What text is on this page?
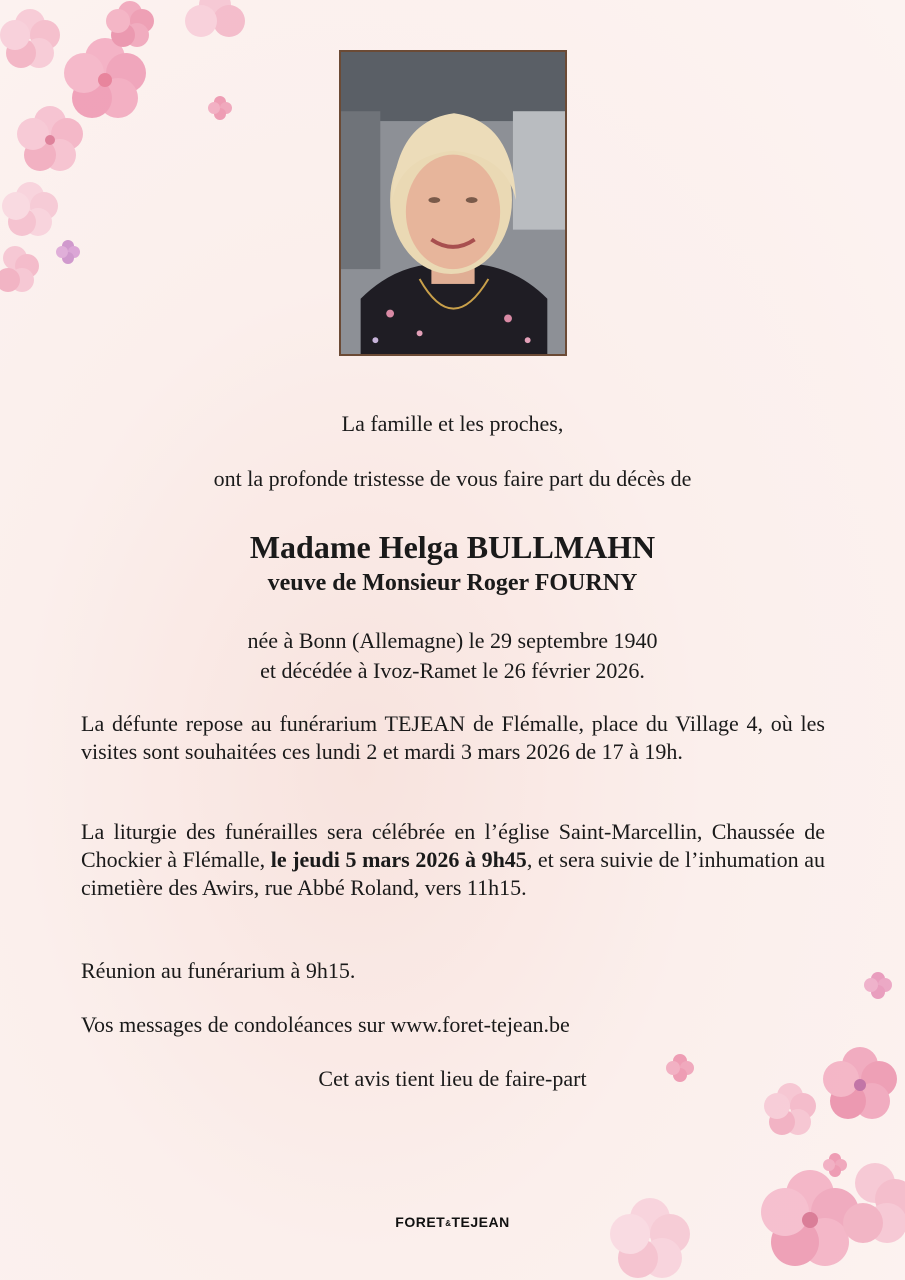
La famille et les proches,
ont la profonde tristesse de vous faire part du décès de
Madame Helga BULLMAHN
veuve de Monsieur Roger FOURNY
née à Bonn (Allemagne) le 29 septembre 1940
et décédée à Ivoz-Ramet le 26 février 2026.
La défunte repose au funérarium TEJEAN de Flémalle, place du Village 4, où les visites sont souhaitées ces lundi 2 et mardi 3 mars 2026 de 17 à 19h.
La liturgie des funérailles sera célébrée en l’église Saint-Marcellin, Chaussée de Chockier à Flémalle, le jeudi 5 mars 2026 à 9h45, et sera suivie de l’inhumation au cimetière des Awirs, rue Abbé Roland, vers 11h15.
Réunion au funérarium à 9h15.
Vos messages de condoléances sur www.foret-tejean.be
Cet avis tient lieu de faire-part
FORET&TEJEAN
